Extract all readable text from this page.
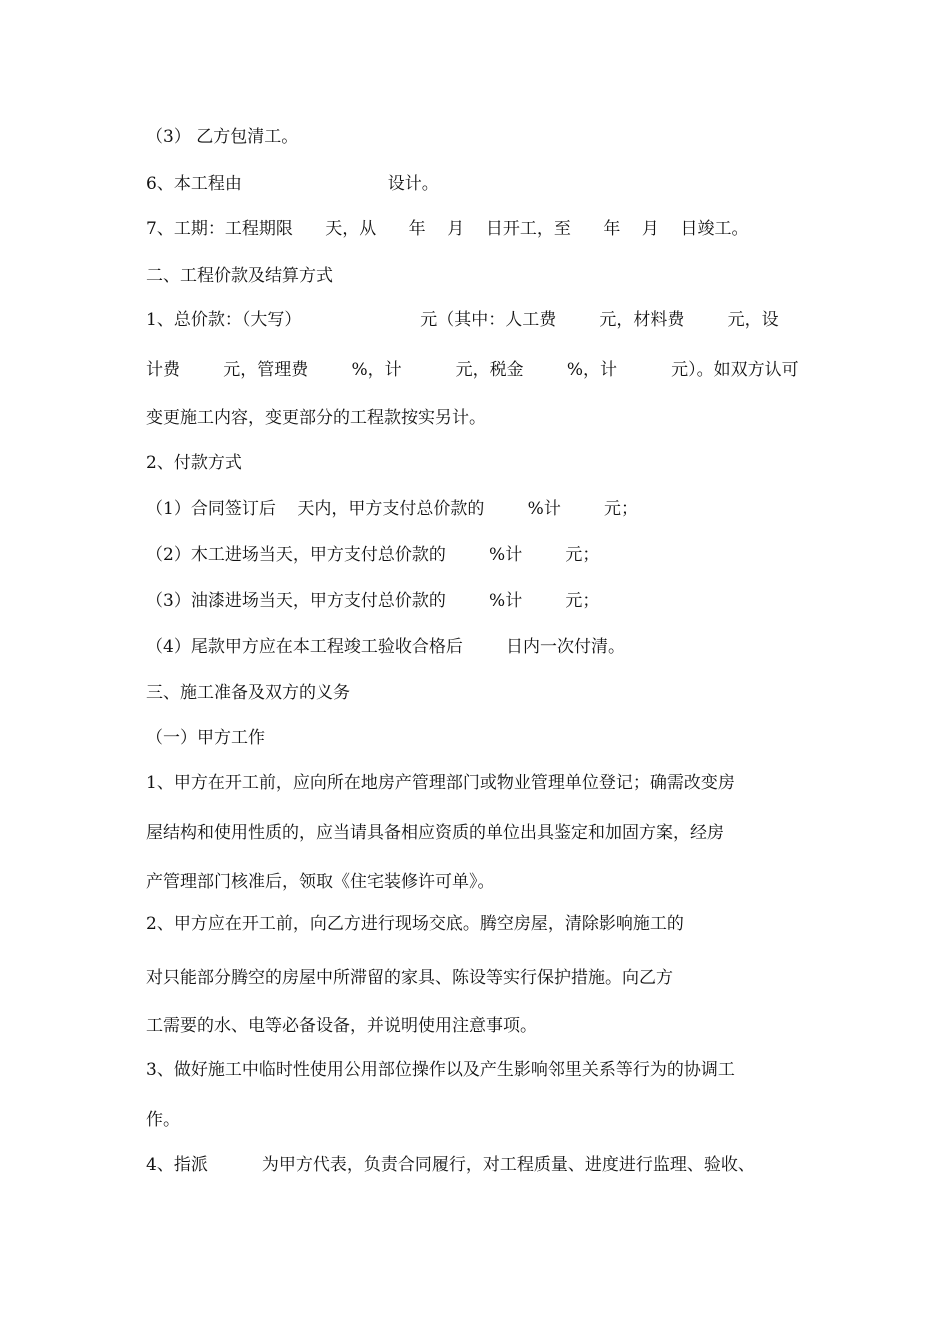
（3） 乙方包清工。
6、本工程由                           设计。
7、工期：工程期限      天，从      年    月    日开工，至      年    月    日竣工。
二、工程价款及结算方式
1、总价款：（大写）                      元（其中：人工费        元，材料费        元，设
计费        元，管理费        %，计          元，税金        %，计          元）。如双方认可
变更施工内容，变更部分的工程款按实另计。
2、付款方式
（1）合同签订后    天内，甲方支付总价款的        %计        元；
（2）木工进场当天，甲方支付总价款的        %计        元；
（3）油漆进场当天，甲方支付总价款的        %计        元；
（4）尾款甲方应在本工程竣工验收合格后        日内一次付清。
三、施工准备及双方的义务
（一）甲方工作
1、甲方在开工前，应向所在地房产管理部门或物业管理单位登记；确需改变房
屋结构和使用性质的，应当请具备相应资质的单位出具鉴定和加固方案，经房
产管理部门核准后，领取《住宅装修许可单》。
2、甲方应在开工前，向乙方进行现场交底。腾空房屋，清除影响施工的
对只能部分腾空的房屋中所滞留的家具、陈设等实行保护措施。向乙方
工需要的水、电等必备设备，并说明使用注意事项。
3、做好施工中临时性使用公用部位操作以及产生影响邻里关系等行为的协调工
作。
4、指派          为甲方代表，负责合同履行，对工程质量、进度进行监理、验收、
